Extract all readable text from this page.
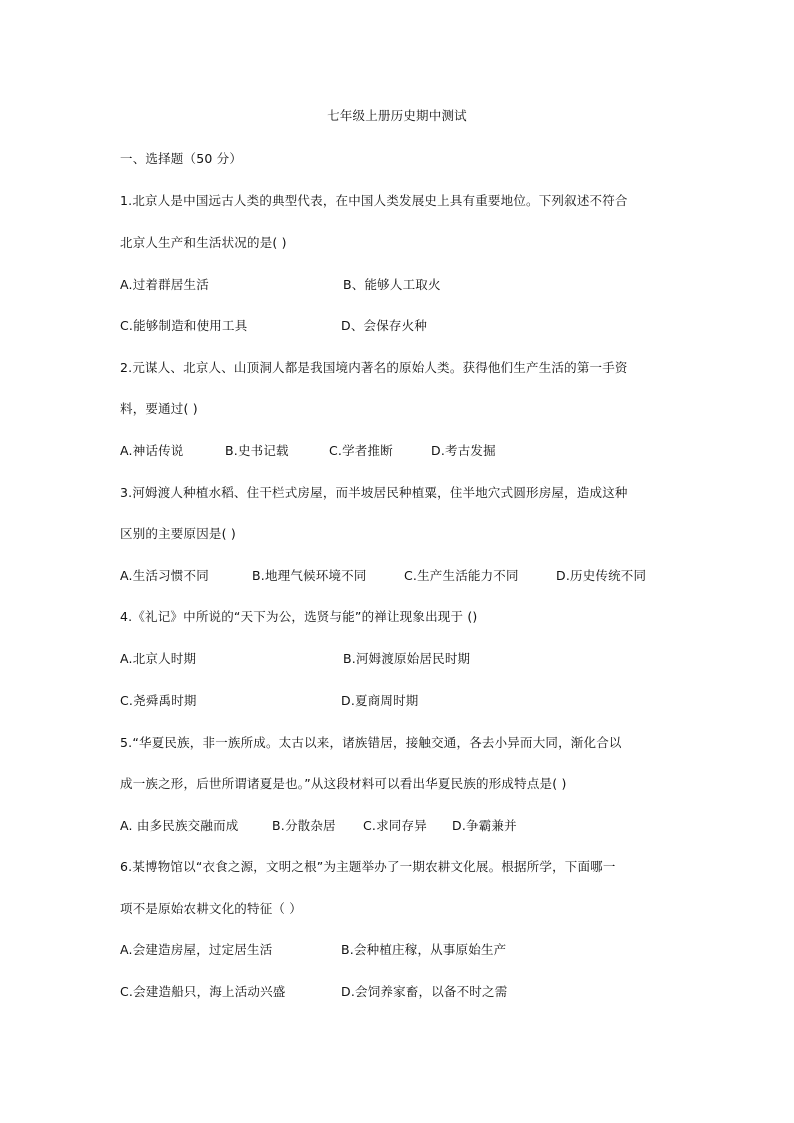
七年级上册历史期中测试
一、选择题（50 分）
1.北京人是中国远古人类的典型代表，在中国人类发展史上具有重要地位。下列叙述不符合
北京人生产和生活状况的是( )
A.过着群居生活	B、能够人工取火
C.能够制造和使用工具	D、会保存火种
2.元谋人、北京人、山顶洞人都是我国境内著名的原始人类。获得他们生产生活的第一手资
料，要通过( )
A.神话传说	B.史书记载	C.学者推断	D.考古发掘
3.河姆渡人种植水稻、住干栏式房屋，而半坡居民种植粟，住半地穴式圆形房屋，造成这种
区别的主要原因是( )
A.生活习惯不同	B.地理气候环境不同	C.生产生活能力不同	D.历史传统不同
4.《礼记》中所说的“天下为公，选贤与能”的禅让现象出现于 ()
A.北京人时期	B.河姆渡原始居民时期
C.尧舜禹时期	D.夏商周时期
5.“华夏民族，非一族所成。太古以来，诸族错居，接触交通，各去小异而大同，渐化合以
成一族之形，后世所谓诸夏是也。”从这段材料可以看出华夏民族的形成特点是( )
A. 由多民族交融而成	B.分散杂居 C.求同存异 D.争霸兼并
6.某博物馆以“衣食之源，文明之根”为主题举办了一期农耕文化展。根据所学，下面哪一
项不是原始农耕文化的特征（ ）
A.会建造房屋，过定居生活	B.会种植庄稼，从事原始生产
C.会建造船只，海上活动兴盛	D.会饲养家畜，以备不时之需
